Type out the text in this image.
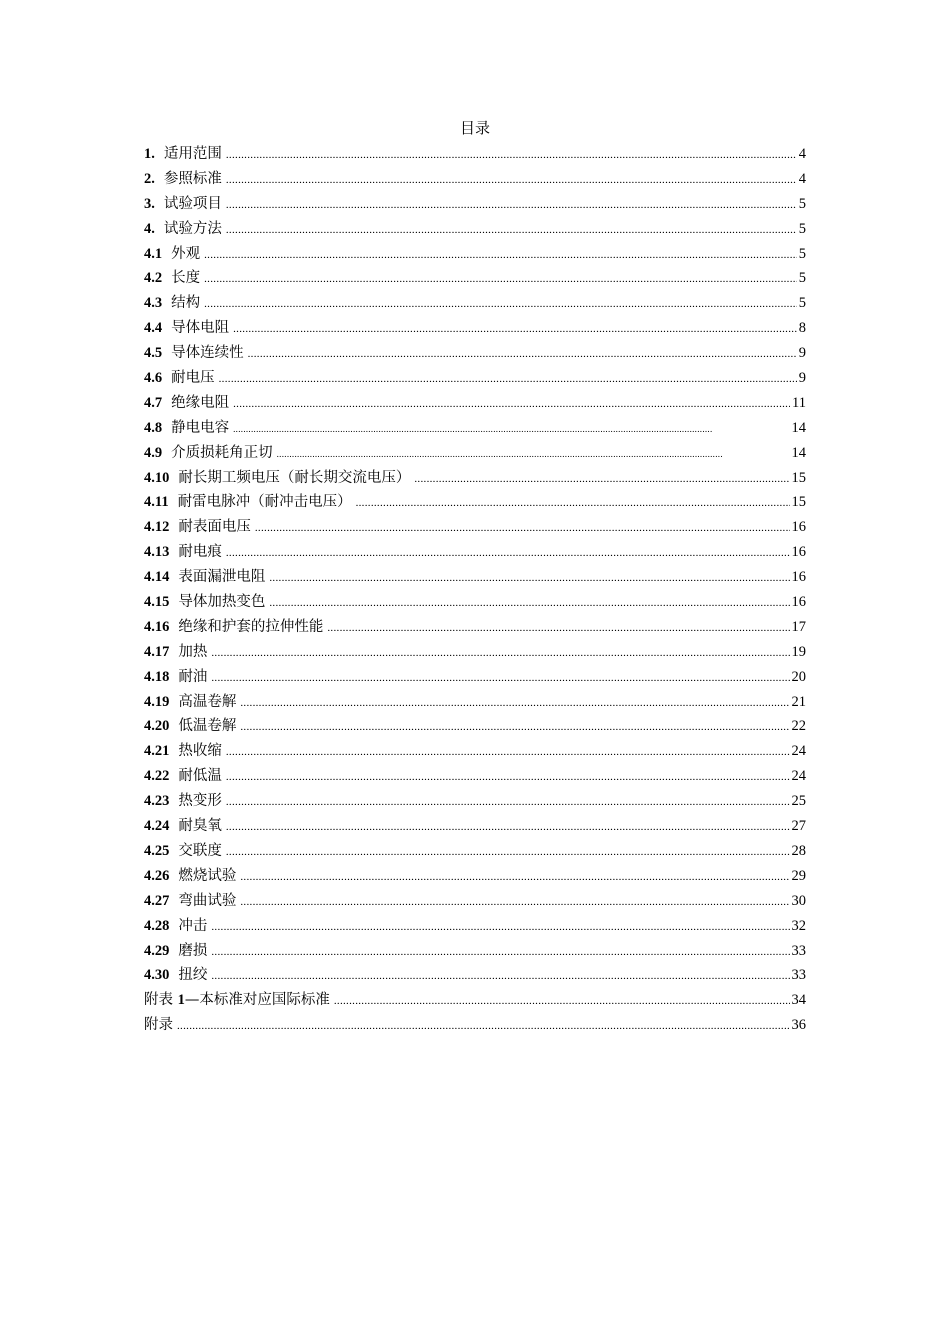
目录
1. 适用范围 .....	4
2. 参照标准 .....	4
3. 试验项目 .....	5
4. 试验方法 .....	5
4.1 外观 .....	5
4.2 长度 .....	5
4.3 结构 .....	5
4.4 导体电阻 .....	8
4.5 导体连续性 .....	9
4.6 耐电压 .....	9
4.7 绝缘电阻 .....	11
4.8 静电电容 .....	14
4.9 介质损耗角正切 .....	14
4.10 耐长期工频电压（耐长期交流电压） .....	15
4.11 耐雷电脉冲（耐冲击电压） .....	15
4.12 耐表面电压 .....	16
4.13 耐电痕 .....	16
4.14 表面漏泄电阻 .....	16
4.15 导体加热变色 .....	16
4.16 绝缘和护套的拉伸性能 .....	17
4.17 加热 .....	19
4.18 耐油 .....	20
4.19 高温卷解 .....	21
4.20 低温卷解 .....	22
4.21 热收缩 .....	24
4.22 耐低温 .....	24
4.23 热变形 .....	25
4.24 耐臭氧 .....	27
4.25 交联度 .....	28
4.26 燃烧试验 .....	29
4.27 弯曲试验 .....	30
4.28 冲击 .....	32
4.29 磨损 .....	33
4.30 扭绞 .....	33
附表 1—本标准对应国际标准 .....	34
附录 .....	36
